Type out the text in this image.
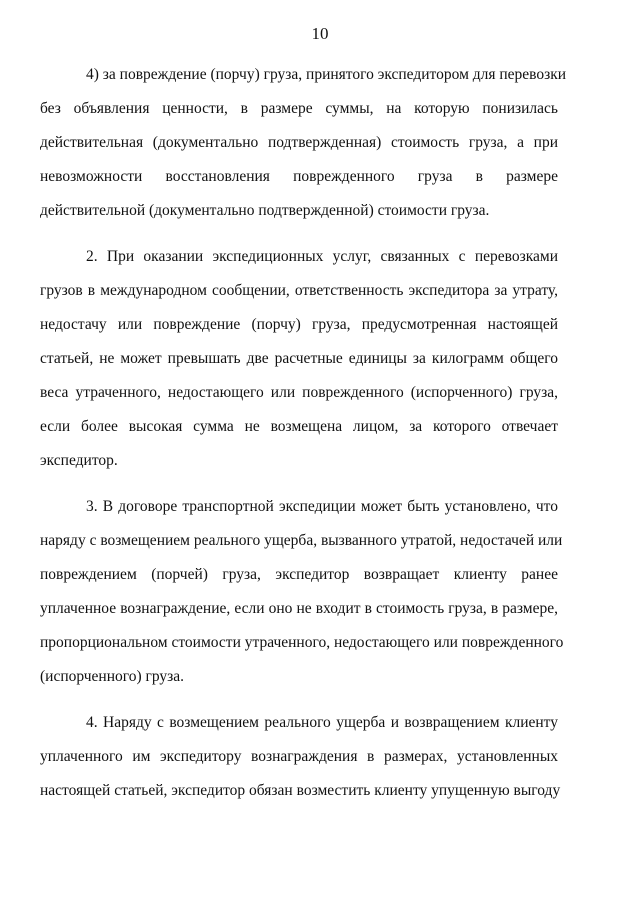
10
4) за повреждение (порчу) груза, принятого экспедитором для перевозки
без объявления ценности, в размере суммы, на которую понизилась
действительная (документально подтвержденная) стоимость груза, а при
невозможности восстановления поврежденного груза в размере
действительной (документально подтвержденной) стоимости груза.
2. При оказании экспедиционных услуг, связанных с перевозками
грузов в международном сообщении, ответственность экспедитора за утрату,
недостачу или повреждение (порчу) груза, предусмотренная настоящей
статьей, не может превышать две расчетные единицы за килограмм общего
веса утраченного, недостающего или поврежденного (испорченного) груза,
если более высокая сумма не возмещена лицом, за которого отвечает
экспедитор.
3. В договоре транспортной экспедиции может быть установлено, что
наряду с возмещением реального ущерба, вызванного утратой, недостачей или
повреждением (порчей) груза, экспедитор возвращает клиенту ранее
уплаченное вознаграждение, если оно не входит в стоимость груза, в размере,
пропорциональном стоимости утраченного, недостающего или поврежденного
(испорченного) груза.
4. Наряду с возмещением реального ущерба и возвращением клиенту
уплаченного им экспедитору вознаграждения в размерах, установленных
настоящей статьей, экспедитор обязан возместить клиенту упущенную выгоду
